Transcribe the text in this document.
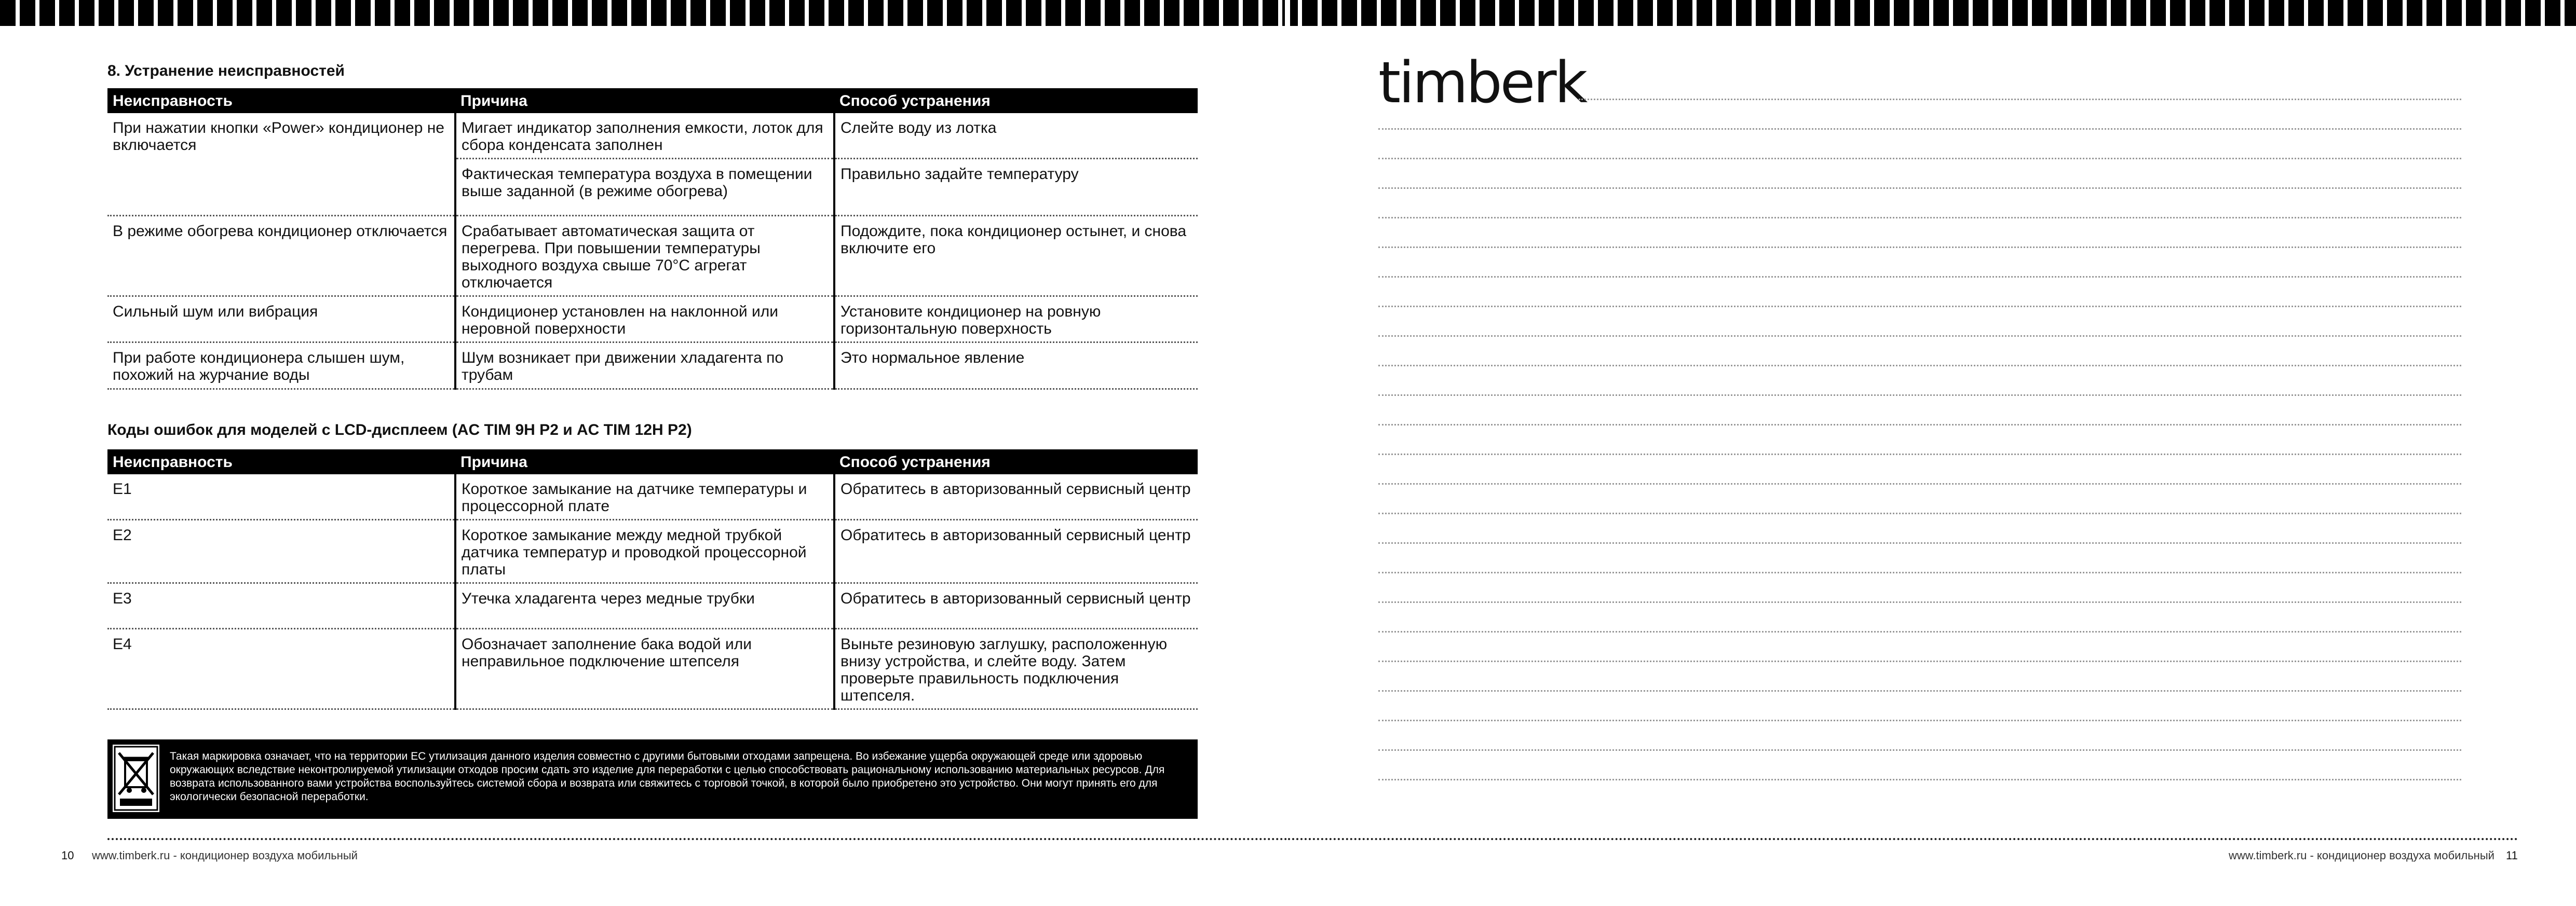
8. Устранение неисправностей
Неисправность	Причина	Способ устранения
При нажатии кнопки «Power» кондиционер не включается	Мигает индикатор заполнения емкости, лоток для сбора конденсата заполнен	Слейте воду из лотка
	Фактическая температура воздуха в помещении выше заданной (в режиме обогрева)	Правильно задайте температуру
В режиме обогрева кондиционер отключается	Срабатывает автоматическая защита от перегрева. При повышении температуры выходного воздуха свыше 70°С агрегат отключается	Подождите, пока кондиционер остынет, и снова включите его
Сильный шум или вибрация	Кондиционер установлен на наклонной или неровной поверхности	Установите кондиционер на ровную горизонтальную поверхность
При работе кондиционера слышен шум, похожий на журчание воды	Шум возникает при движении хладагента по трубам	Это нормальное явление
Коды ошибок для моделей с LCD-дисплеем (AC TIM 9H P2 и AC TIM 12H P2)
Неисправность	Причина	Способ устранения
E1	Короткое замыкание на датчике температуры и процессорной плате	Обратитесь в авторизованный сервисный центр
E2	Короткое замыкание между медной трубкой датчика температур и проводкой процессорной платы	Обратитесь в авторизованный сервисный центр
E3	Утечка хладагента через медные трубки	Обратитесь в авторизованный сервисный центр
E4	Обозначает заполнение бака водой или неправильное подключение штепселя	Выньте резиновую заглушку, расположенную внизу устройства, и слейте воду. Затем проверьте правильность подключения штепселя.
Такая маркировка означает, что на территории ЕС утилизация данного изделия совместно с другими бытовыми отходами запрещена. Во избежание ущерба окружающей среде или здоровью окружающих вследствие неконтролируемой утилизации отходов просим сдать это изделие для переработки с целью способствовать рациональному использованию материальных ресурсов. Для возврата использованного вами устройства воспользуйтесь системой сбора и возврата или свяжитесь с торговой точкой, в которой было приобретено это устройство. Они могут принять его для экологически безопасной переработки.
10 www.timberk.ru - кондиционер воздуха мобильный
timberk
www.timberk.ru - кондиционер воздуха мобильный 11
